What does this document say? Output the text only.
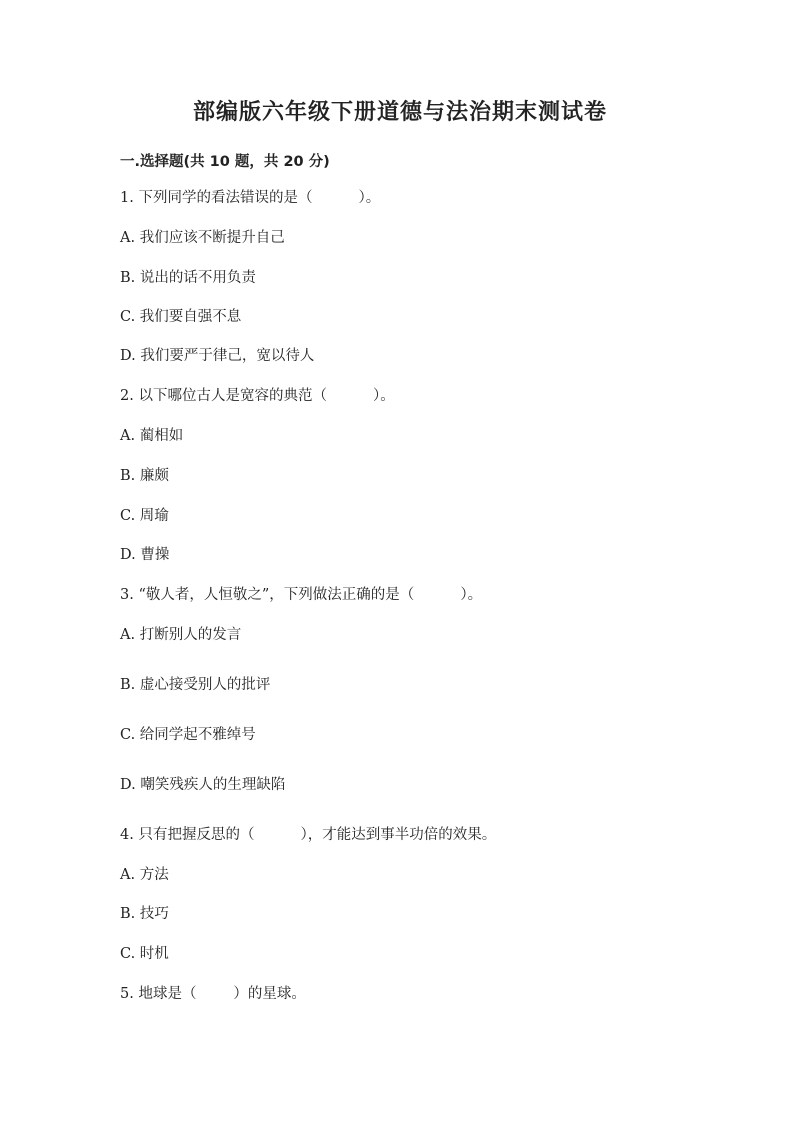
部编版六年级下册道德与法治期末测试卷
一.选择题(共 10 题，共 20 分)
1. 下列同学的看法错误的是（          ）。
A. 我们应该不断提升自己
B. 说出的话不用负责
C. 我们要自强不息
D. 我们要严于律己，宽以待人
2. 以下哪位古人是宽容的典范（          ）。
A. 蔺相如
B. 廉颇
C. 周瑜
D. 曹操
3. “敬人者，人恒敬之”，下列做法正确的是（          ）。
A. 打断别人的发言
B. 虚心接受别人的批评
C. 给同学起不雅绰号
D. 嘲笑残疾人的生理缺陷
4. 只有把握反思的（          ），才能达到事半功倍的效果。
A. 方法
B. 技巧
C. 时机
5. 地球是（        ）的星球。
